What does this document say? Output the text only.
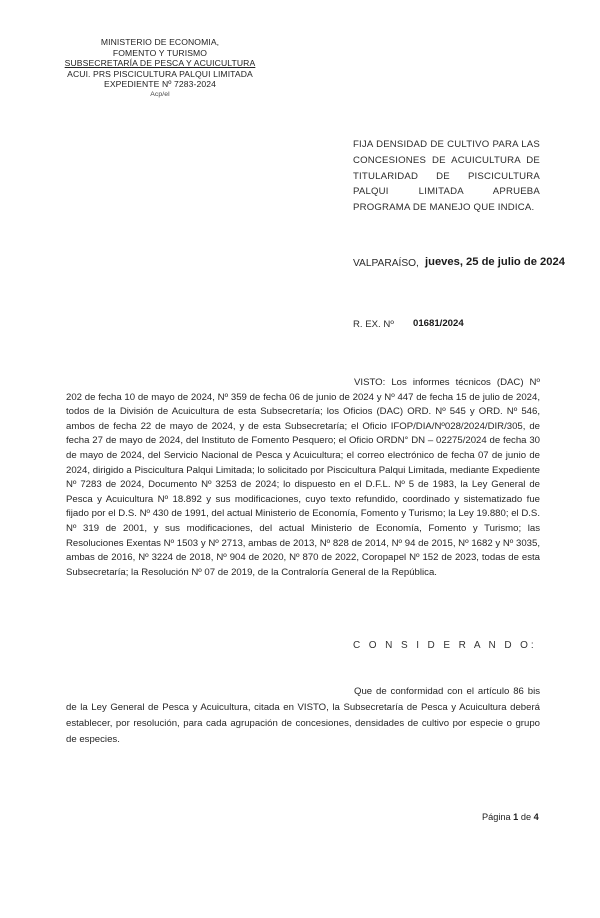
MINISTERIO DE ECONOMIA,
FOMENTO Y TURISMO
SUBSECRETARÍA DE PESCA Y ACUICULTURA
ACUI. PRS PISCICULTURA PALQUI LIMITADA
EXPEDIENTE Nº 7283-2024
Acp/el
FIJA DENSIDAD DE CULTIVO PARA LAS CONCESIONES DE ACUICULTURA DE TITULARIDAD DE PISCICULTURA PALQUI LIMITADA APRUEBA PROGRAMA DE MANEJO QUE INDICA.
VALPARAÍSO, jueves, 25 de julio de 2024
R. EX. Nº 01681/2024

VISTO: Los informes técnicos (DAC) Nº 202 de fecha 10 de mayo de 2024, Nº 359 de fecha 06 de junio de 2024 y Nº 447 de fecha 15 de julio de 2024, todos de la División de Acuicultura de esta Subsecretaría; los Oficios (DAC) ORD. Nº 545 y ORD. Nº 546, ambos de fecha 22 de mayo de 2024, y de esta Subsecretaría; el Oficio IFOP/DIA/Nº028/2024/DIR/305, de fecha 27 de mayo de 2024, del Instituto de Fomento Pesquero; el Oficio ORDN° DN – 02275/2024 de fecha 30 de mayo de 2024, del Servicio Nacional de Pesca y Acuicultura; el correo electrónico de fecha 07 de junio de 2024, dirigido a Piscicultura Palqui Limitada; lo solicitado por Piscicultura Palqui Limitada, mediante Expediente Nº 7283 de 2024, Documento Nº 3253 de 2024; lo dispuesto en el D.F.L. Nº 5 de 1983, la Ley General de Pesca y Acuicultura Nº 18.892 y sus modificaciones, cuyo texto refundido, coordinado y sistematizado fue fijado por el D.S. Nº 430 de 1991, del actual Ministerio de Economía, Fomento y Turismo; la Ley 19.880; el D.S. Nº 319 de 2001, y sus modificaciones, del actual Ministerio de Economía, Fomento y Turismo; las Resoluciones Exentas Nº 1503 y Nº 2713, ambas de 2013, Nº 828 de 2014, Nº 94 de 2015, Nº 1682 y Nº 3035, ambas de 2016, Nº 3224 de 2018, Nº 904 de 2020, Nº 870 de 2022, Coropapel Nº 152 de 2023, todas de esta Subsecretaría; la Resolución Nº 07 de 2019, de la Contraloría General de la República.

C O N S I D E R A N D O:

Que de conformidad con el artículo 86 bis de la Ley General de Pesca y Acuicultura, citada en VISTO, la Subsecretaría de Pesca y Acuicultura deberá establecer, por resolución, para cada agrupación de concesiones, densidades de cultivo por especie o grupo de especies.

Página 1 de 4
